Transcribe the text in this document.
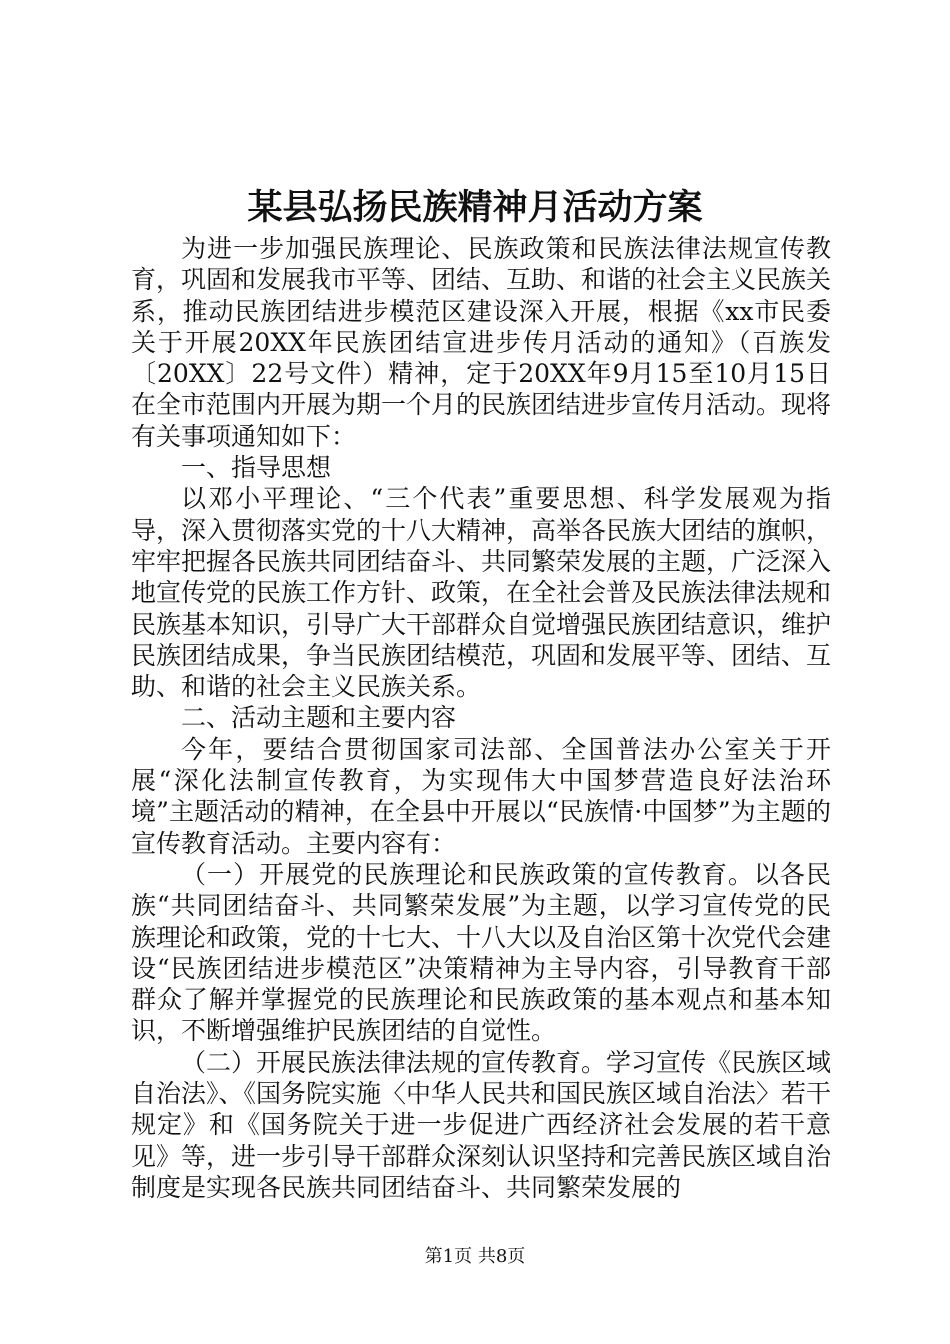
某县弘扬民族精神月活动方案

为进一步加强民族理论、民族政策和民族法律法规宣传教育，巩固和发展我市平等、团结、互助、和谐的社会主义民族关系，推动民族团结进步模范区建设深入开展，根据《xx市民委关于开展20XX年民族团结宣进步传月活动的通知》（百族发〔20XX〕22号文件）精神，定于20XX年9月15至10月15日在全市范围内开展为期一个月的民族团结进步宣传月活动。现将有关事项通知如下：

一、指导思想

以邓小平理论、“三个代表”重要思想、科学发展观为指导，深入贯彻落实党的十八大精神，高举各民族大团结的旗帜，牢牢把握各民族共同团结奋斗、共同繁荣发展的主题，广泛深入地宣传党的民族工作方针、政策，在全社会普及民族法律法规和民族基本知识，引导广大干部群众自觉增强民族团结意识，维护民族团结成果，争当民族团结模范，巩固和发展平等、团结、互助、和谐的社会主义民族关系。

二、活动主题和主要内容

今年，要结合贯彻国家司法部、全国普法办公室关于开展“深化法制宣传教育，为实现伟大中国梦营造良好法治环境”主题活动的精神，在全县中开展以“民族情·中国梦”为主题的宣传教育活动。主要内容有：

（一）开展党的民族理论和民族政策的宣传教育。以各民族“共同团结奋斗、共同繁荣发展”为主题，以学习宣传党的民族理论和政策，党的十七大、十八大以及自治区第十次党代会建设“民族团结进步模范区”决策精神为主导内容，引导教育干部群众了解并掌握党的民族理论和民族政策的基本观点和基本知识，不断增强维护民族团结的自觉性。

（二）开展民族法律法规的宣传教育。学习宣传《民族区域自治法》、《国务院实施〈中华人民共和国民族区域自治法〉若干规定》和《国务院关于进一步促进广西经济社会发展的若干意见》等，进一步引导干部群众深刻认识坚持和完善民族区域自治制度是实现各民族共同团结奋斗、共同繁荣发展的

第1页 共8页
